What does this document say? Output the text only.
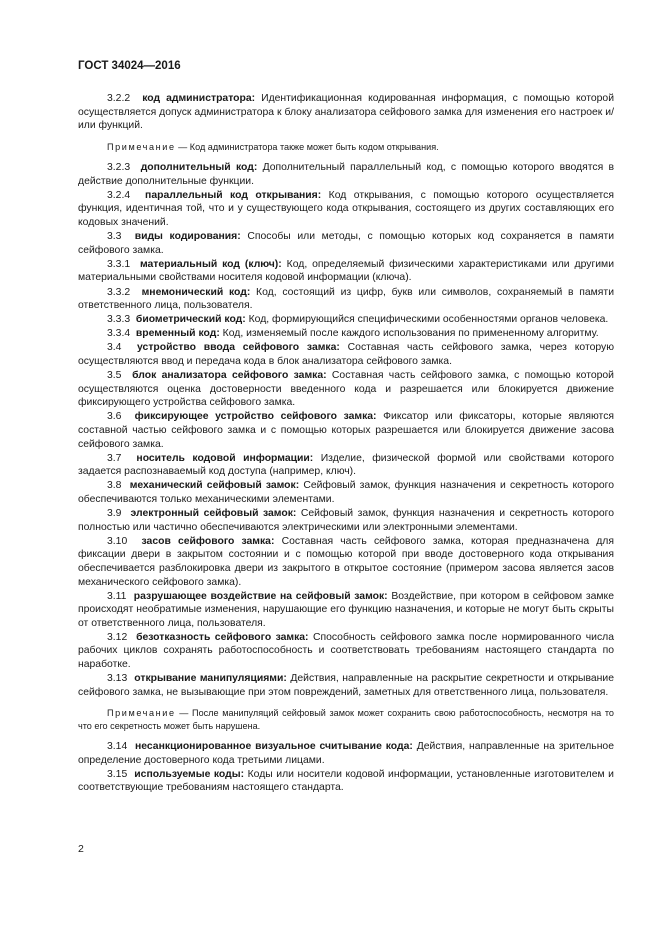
ГОСТ 34024—2016

3.2.2 код администратора: Идентификационная кодированная информация, с помощью которой осуществляется допуск администратора к блоку анализатора сейфового замка для изменения его настроек и/или функций.

Примечание — Код администратора также может быть кодом открывания.

3.2.3 дополнительный код: Дополнительный параллельный код, с помощью которого вводятся в действие дополнительные функции.

3.2.4 параллельный код открывания: Код открывания, с помощью которого осуществляется функция, идентичная той, что и у существующего кода открывания, состоящего из других составляющих его кодовых значений.

3.3 виды кодирования: Способы или методы, с помощью которых код сохраняется в памяти сейфового замка.

3.3.1 материальный код (ключ): Код, определяемый физическими характеристиками или другими материальными свойствами носителя кодовой информации (ключа).

3.3.2 мнемонический код: Код, состоящий из цифр, букв или символов, сохраняемый в памяти ответственного лица, пользователя.

3.3.3 биометрический код: Код, формирующийся специфическими особенностями органов человека.

3.3.4 временный код: Код, изменяемый после каждого использования по примененному алгоритму.

3.4 устройство ввода сейфового замка: Составная часть сейфового замка, через которую осуществляются ввод и передача кода в блок анализатора сейфового замка.

3.5 блок анализатора сейфового замка: Составная часть сейфового замка, с помощью которой осуществляются оценка достоверности введенного кода и разрешается или блокируется движение фиксирующего устройства сейфового замка.

3.6 фиксирующее устройство сейфового замка: Фиксатор или фиксаторы, которые являются составной частью сейфового замка и с помощью которых разрешается или блокируется движение засова сейфового замка.

3.7 носитель кодовой информации: Изделие, физической формой или свойствами которого задается распознаваемый код доступа (например, ключ).

3.8 механический сейфовый замок: Сейфовый замок, функция назначения и секретность которого обеспечиваются только механическими элементами.

3.9 электронный сейфовый замок: Сейфовый замок, функция назначения и секретность которого полностью или частично обеспечиваются электрическими или электронными элементами.

3.10 засов сейфового замка: Составная часть сейфового замка, которая предназначена для фиксации двери в закрытом состоянии и с помощью которой при вводе достоверного кода открывания обеспечивается разблокировка двери из закрытого в открытое состояние (примером засова является засов механического сейфового замка).

3.11 разрушающее воздействие на сейфовый замок: Воздействие, при котором в сейфовом замке происходят необратимые изменения, нарушающие его функцию назначения, и которые не могут быть скрыты от ответственного лица, пользователя.

3.12 безотказность сейфового замка: Способность сейфового замка после нормированного числа рабочих циклов сохранять работоспособность и соответствовать требованиям настоящего стандарта по наработке.

3.13 открывание манипуляциями: Действия, направленные на раскрытие секретности и открывание сейфового замка, не вызывающие при этом повреждений, заметных для ответственного лица, пользователя.

Примечание — После манипуляций сейфовый замок может сохранить свою работоспособность, несмотря на то что его секретность может быть нарушена.

3.14 несанкционированное визуальное считывание кода: Действия, направленные на зрительное определение достоверного кода третьими лицами.

3.15 используемые коды: Коды или носители кодовой информации, установленные изготовителем и соответствующие требованиям настоящего стандарта.

2
